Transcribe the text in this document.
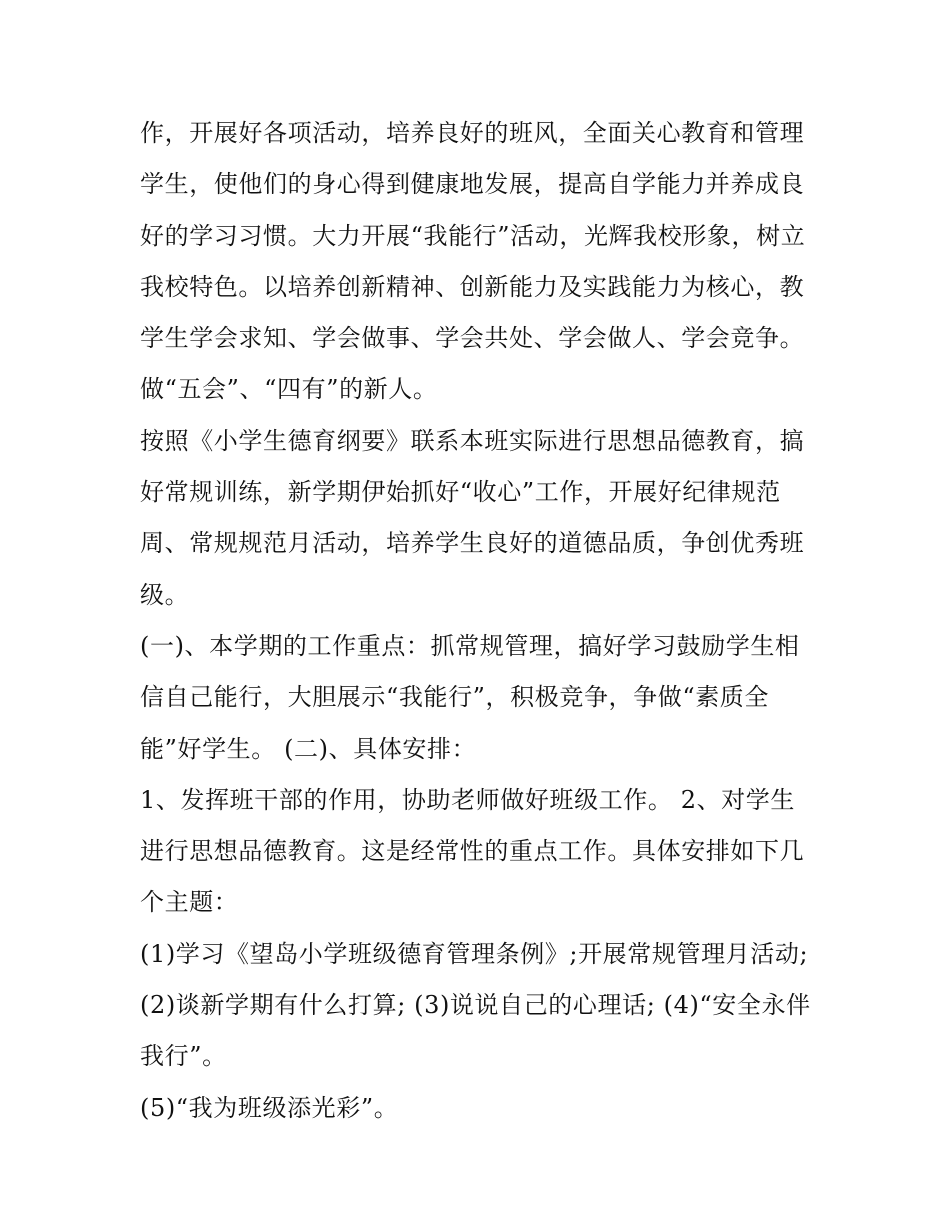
作，开展好各项活动，培养良好的班风，全面关心教育和管理
学生，使他们的身心得到健康地发展，提高自学能力并养成良
好的学习习惯。大力开展“我能行”活动，光辉我校形象，树立
我校特色。以培养创新精神、创新能力及实践能力为核心，教
学生学会求知、学会做事、学会共处、学会做人、学会竞争。
做“五会”、“四有”的新人。
按照《小学生德育纲要》联系本班实际进行思想品德教育，搞
好常规训练，新学期伊始抓好“收心”工作，开展好纪律规范
周、常规规范月活动，培养学生良好的道德品质，争创优秀班
级。
(一)、本学期的工作重点：抓常规管理，搞好学习鼓励学生相
信自己能行，大胆展示“我能行”，积极竞争，争做“素质全
能”好学生。 (二)、具体安排：
1、发挥班干部的作用，协助老师做好班级工作。 2、对学生
进行思想品德教育。这是经常性的重点工作。具体安排如下几
个主题：
(1)学习《望岛小学班级德育管理条例》;开展常规管理月活动;
(2)谈新学期有什么打算; (3)说说自己的心理话; (4)“安全永伴
我行”。
(5)“我为班级添光彩”。
